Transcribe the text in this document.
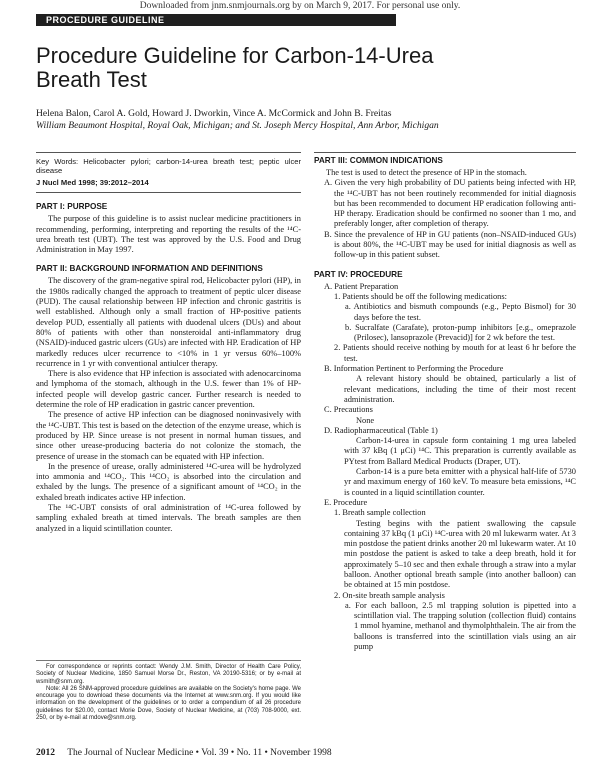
Downloaded from jnm.snmjournals.org by on March 9, 2017. For personal use only.
PROCEDURE GUIDELINE
Procedure Guideline for Carbon-14-Urea Breath Test
Helena Balon, Carol A. Gold, Howard J. Dworkin, Vince A. McCormick and John B. Freitas
William Beaumont Hospital, Royal Oak, Michigan; and St. Joseph Mercy Hospital, Ann Arbor, Michigan
Key Words: Helicobacter pylori; carbon-14-urea breath test; peptic ulcer disease
J Nucl Med 1998; 39:2012–2014
PART I: PURPOSE

The purpose of this guideline is to assist nuclear medicine practitioners in recommending, performing, interpreting and reporting the results of the ¹⁴C-urea breath test (UBT). The test was approved by the U.S. Food and Drug Administration in May 1997.

PART II: BACKGROUND INFORMATION AND DEFINITIONS

The discovery of the gram-negative spiral rod, Helicobacter pylori (HP), in the 1980s radically changed the approach to treatment of peptic ulcer disease (PUD). The causal relationship between HP infection and chronic gastritis is well established. Although only a small fraction of HP-positive patients develop PUD, essentially all patients with duodenal ulcers (DUs) and about 80% of patients with other than nonsteroidal anti-inflammatory drug (NSAID)-induced gastric ulcers (GUs) are infected with HP. Eradication of HP markedly reduces ulcer recurrence to <10% in 1 yr versus 60%–100% recurrence in 1 yr with conventional antiulcer therapy.

There is also evidence that HP infection is associated with adenocarcinoma and lymphoma of the stomach, although in the U.S. fewer than 1% of HP-infected people will develop gastric cancer. Further research is needed to determine the role of HP eradication in gastric cancer prevention.

The presence of active HP infection can be diagnosed noninvasively with the ¹⁴C-UBT. This test is based on the detection of the enzyme urease, which is produced by HP. Since urease is not present in normal human tissues, and since other urease-producing bacteria do not colonize the stomach, the presence of urease in the stomach can be equated with HP infection.

In the presence of urease, orally administered ¹⁴C-urea will be hydrolyzed into ammonia and ¹⁴CO₂. This ¹⁴CO₂ is absorbed into the circulation and exhaled by the lungs. The presence of a significant amount of ¹⁴CO₂ in the exhaled breath indicates active HP infection.

The ¹⁴C-UBT consists of oral administration of ¹⁴C-urea followed by sampling exhaled breath at timed intervals. The breath samples are then analyzed in a liquid scintillation counter.

PART III: COMMON INDICATIONS

The test is used to detect the presence of HP in the stomach.

A. Given the very high probability of DU patients being infected with HP, the ¹⁴C-UBT has not been routinely recommended for initial diagnosis but has been recommended to document HP eradication following anti-HP therapy. Eradication should be confirmed no sooner than 1 mo, and preferably longer, after completion of therapy.

B. Since the prevalence of HP in GU patients (non–NSAID-induced GUs) is about 80%, the ¹⁴C-UBT may be used for initial diagnosis as well as follow-up in this patient subset.

PART IV: PROCEDURE

A. Patient Preparation

1. Patients should be off the following medications:

a. Antibiotics and bismuth compounds (e.g., Pepto Bismol) for 30 days before the test.

b. Sucralfate (Carafate), proton-pump inhibitors [e.g., omeprazole (Prilosec), lansoprazole (Prevacid)] for 2 wk before the test.

2. Patients should receive nothing by mouth for at least 6 hr before the test.

B. Information Pertinent to Performing the Procedure

A relevant history should be obtained, particularly a list of relevant medications, including the time of their most recent administration.

C. Precautions

None

D. Radiopharmaceutical (Table 1)

Carbon-14-urea in capsule form containing 1 mg urea labeled with 37 kBq (1 μCi) ¹⁴C. This preparation is currently available as PYtest from Ballard Medical Products (Draper, UT).

Carbon-14 is a pure beta emitter with a physical half-life of 5730 yr and maximum energy of 160 keV. To measure beta emissions, ¹⁴C is counted in a liquid scintillation counter.

E. Procedure

1. Breath sample collection

Testing begins with the patient swallowing the capsule containing 37 kBq (1 μCi) ¹⁴C-urea with 20 ml lukewarm water. At 3 min postdose the patient drinks another 20 ml lukewarm water. At 10 min postdose the patient is asked to take a deep breath, hold it for approximately 5–10 sec and then exhale through a straw into a mylar balloon. Another optional breath sample (into another balloon) can be obtained at 15 min postdose.

2. On-site breath sample analysis

a. For each balloon, 2.5 ml trapping solution is pipetted into a scintillation vial. The trapping solution (collection fluid) contains 1 mmol hyamine, methanol and thymolphthalein. The air from the balloons is transferred into the scintillation vials using an air pump

For correspondence or reprints contact: Wendy J.M. Smith, Director of Health Care Policy, Society of Nuclear Medicine, 1850 Samuel Morse Dr., Reston, VA 20190-5316; or by e-mail at wsmith@snm.org.

Note: All 26 SNM-approved procedure guidelines are available on the Society's home page. We encourage you to download these documents via the Internet at www.snm.org. If you would like information on the development of the guidelines or to order a compendium of all 26 procedure guidelines for $20.00, contact Morie Dove, Society of Nuclear Medicine, at (703) 708-9000, ext. 250, or by e-mail at mdove@snm.org.

2012 The Journal of Nuclear Medicine • Vol. 39 • No. 11 • November 1998
